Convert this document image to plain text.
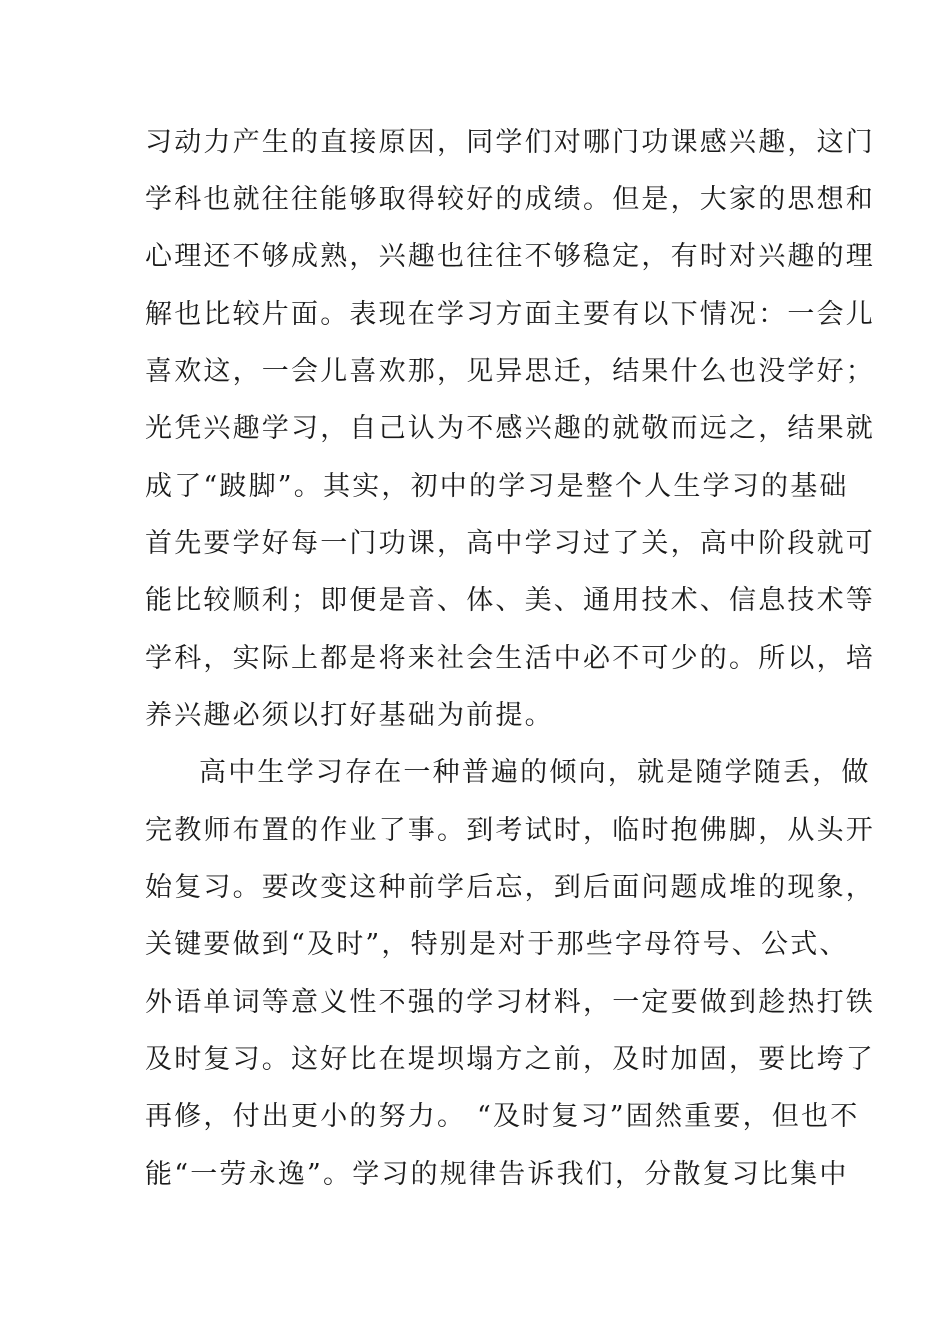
习动力产生的直接原因，同学们对哪门功课感兴趣，这门
学科也就往往能够取得较好的成绩。但是，大家的思想和
心理还不够成熟，兴趣也往往不够稳定，有时对兴趣的理
解也比较片面。表现在学习方面主要有以下情况：一会儿
喜欢这，一会儿喜欢那，见异思迁，结果什么也没学好；
光凭兴趣学习，自己认为不感兴趣的就敬而远之，结果就
成了“跛脚”。其实，初中的学习是整个人生学习的基础
首先要学好每一门功课，高中学习过了关，高中阶段就可
能比较顺利；即便是音、体、美、通用技术、信息技术等
学科，实际上都是将来社会生活中必不可少的。所以，培
养兴趣必须以打好基础为前提。
高中生学习存在一种普遍的倾向，就是随学随丢，做
完教师布置的作业了事。到考试时，临时抱佛脚，从头开
始复习。要改变这种前学后忘，到后面问题成堆的现象，
关键要做到“及时”，特别是对于那些字母符号、公式、
外语单词等意义性不强的学习材料，一定要做到趁热打铁
及时复习。这好比在堤坝塌方之前，及时加固，要比垮了
再修，付出更小的努力。 “及时复习”固然重要，但也不
能“一劳永逸”。学习的规律告诉我们，分散复习比集中
